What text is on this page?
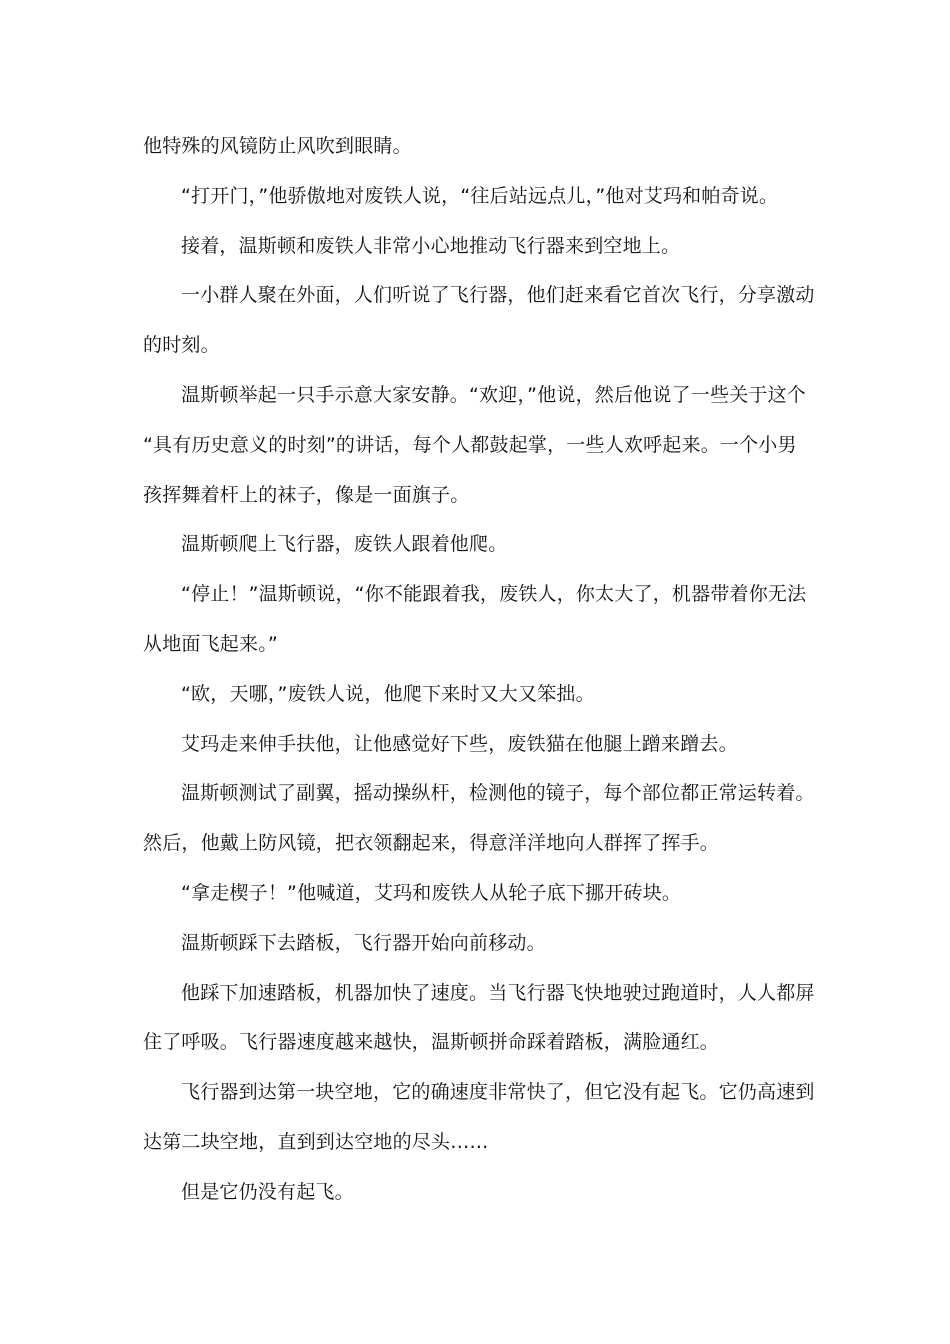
他特殊的风镜防止风吹到眼睛。

“打开门，”他骄傲地对废铁人说，“往后站远点儿，”他对艾玛和帕奇说。

接着，温斯顿和废铁人非常小心地推动飞行器来到空地上。

一小群人聚在外面，人们听说了飞行器，他们赶来看它首次飞行，分享激动
的时刻。

温斯顿举起一只手示意大家安静。“欢迎，”他说，然后他说了一些关于这个
“具有历史意义的时刻”的讲话，每个人都鼓起掌，一些人欢呼起来。一个小男
孩挥舞着杆上的袜子，像是一面旗子。

温斯顿爬上飞行器，废铁人跟着他爬。

“停止！”温斯顿说，“你不能跟着我，废铁人，你太大了，机器带着你无法
从地面飞起来。”

“欧，天哪，”废铁人说，他爬下来时又大又笨拙。

艾玛走来伸手扶他，让他感觉好下些，废铁猫在他腿上蹭来蹭去。

温斯顿测试了副翼，摇动操纵杆，检测他的镜子，每个部位都正常运转着。
然后，他戴上防风镜，把衣领翻起来，得意洋洋地向人群挥了挥手。

“拿走楔子！”他喊道，艾玛和废铁人从轮子底下挪开砖块。

温斯顿踩下去踏板，飞行器开始向前移动。

他踩下加速踏板，机器加快了速度。当飞行器飞快地驶过跑道时，人人都屏
住了呼吸。飞行器速度越来越快，温斯顿拼命踩着踏板，满脸通红。

飞行器到达第一块空地，它的确速度非常快了，但它没有起飞。它仍高速到
达第二块空地，直到到达空地的尽头……

但是它仍没有起飞。
